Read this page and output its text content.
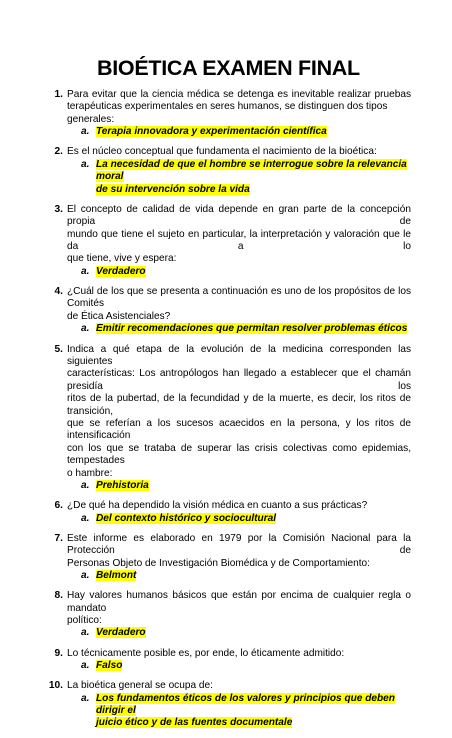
BIOÉTICA EXAMEN FINAL
1. Para evitar que la ciencia médica se detenga es inevitable realizar pruebas
terapéuticas experimentales en seres humanos, se distinguen dos tipos generales:
a. Terapia innovadora y experimentación científica
2. Es el núcleo conceptual que fundamenta el nacimiento de la bioética:
a. La necesidad de que el hombre se interrogue sobre la relevancia moral
de su intervención sobre la vida
3. El concepto de calidad de vida depende en gran parte de la concepción propia de
mundo que tiene el sujeto en particular, la interpretación y valoración que le da a lo
que tiene, vive y espera:
a. Verdadero
4. ¿Cuál de los que se presenta a continuación es uno de los propósitos de los Comités
de Ética Asistenciales?
a. Emitir recomendaciones que permitan resolver problemas éticos
5. Indica a qué etapa de la evolución de la medicina corresponden las siguientes
características: Los antropólogos han llegado a establecer que el chamán presidía los
ritos de la pubertad, de la fecundidad y de la muerte, es decir, los ritos de transición,
que se referían a los sucesos acaecidos en la persona, y los ritos de intensificación
con los que se trataba de superar las crisis colectivas como epidemias, tempestades
o hambre:
a. Prehistoria
6. ¿De qué ha dependido la visión médica en cuanto a sus prácticas?
a. Del contexto histórico y sociocultural
7. Este informe es elaborado en 1979 por la Comisión Nacional para la Protección de
Personas Objeto de Investigación Biomédica y de Comportamiento:
a. Belmont
8. Hay valores humanos básicos que están por encima de cualquier regla o mandato
político:
a. Verdadero
9. Lo técnicamente posible es, por ende, lo éticamente admitido:
a. Falso
10. La bioética general se ocupa de:
a. Los fundamentos éticos de los valores y principios que deben dirigir el
juicio ético y de las fuentes documentale
